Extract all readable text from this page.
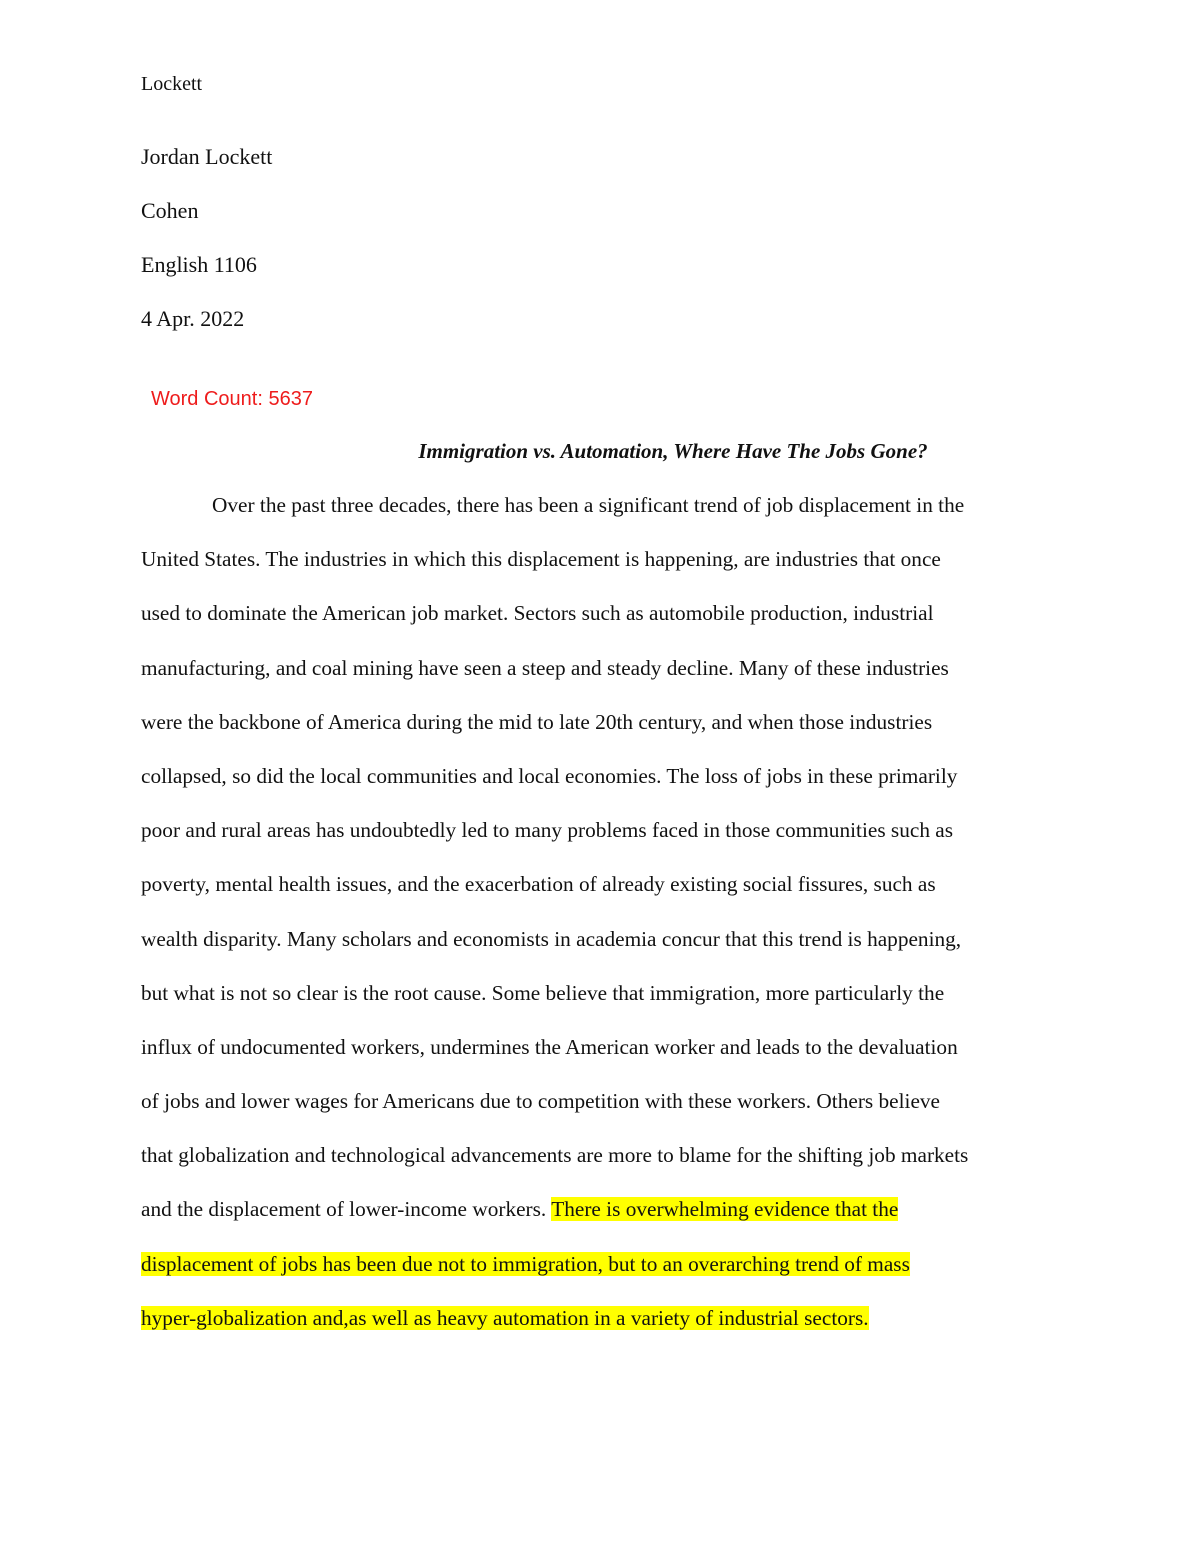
Lockett
Jordan Lockett
Cohen
English 1106
4 Apr. 2022
Word Count: 5637
Immigration vs. Automation, Where Have The Jobs Gone?
Over the past three decades, there has been a significant trend of job displacement in the
United States. The industries in which this displacement is happening, are industries that once
used to dominate the American job market. Sectors such as automobile production, industrial
manufacturing, and coal mining have seen a steep and steady decline. Many of these industries
were the backbone of America during the mid to late 20th century, and when those industries
collapsed, so did the local communities and local economies. The loss of jobs in these primarily
poor and rural areas has undoubtedly led to many problems faced in those communities such as
poverty, mental health issues, and the exacerbation of already existing social fissures, such as
wealth disparity. Many scholars and economists in academia concur that this trend is happening,
but what is not so clear is the root cause. Some believe that immigration, more particularly the
influx of undocumented workers, undermines the American worker and leads to the devaluation
of jobs and lower wages for Americans due to competition with these workers. Others believe
that globalization and technological advancements are more to blame for the shifting job markets
and the displacement of lower-income workers. There is overwhelming evidence that the
displacement of jobs has been due not to immigration, but to an overarching trend of mass
hyper-globalization and,as well as heavy automation in a variety of industrial sectors.
